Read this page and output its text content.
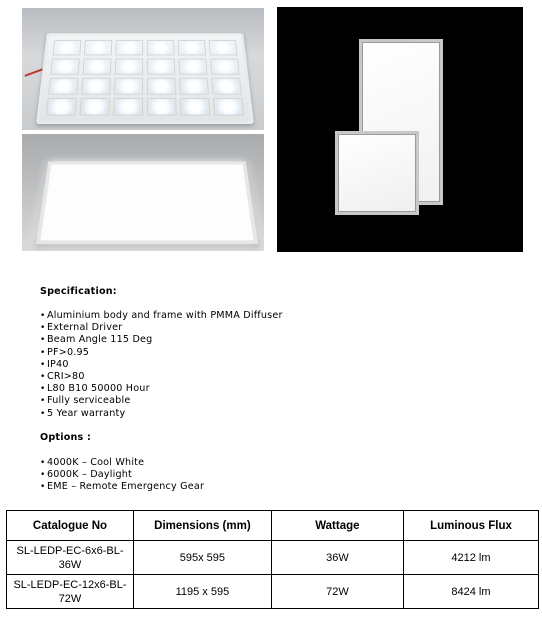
Specification:
• Aluminium body and frame with PMMA Diffuser
• External Driver
• Beam Angle 115 Deg
• PF>0.95
• IP40
• CRI>80
• L80 B10 50000 Hour
• Fully serviceable
• 5 Year warranty
Options :
• 4000K – Cool White
• 6000K – Daylight
• EME – Remote Emergency Gear
Catalogue No	Dimensions (mm)	Wattage	Luminous Flux
SL-LEDP-EC-6x6-BL-36W	595x 595	36W	4212 lm
SL-LEDP-EC-12x6-BL-72W	1195 x 595	72W	8424 lm
